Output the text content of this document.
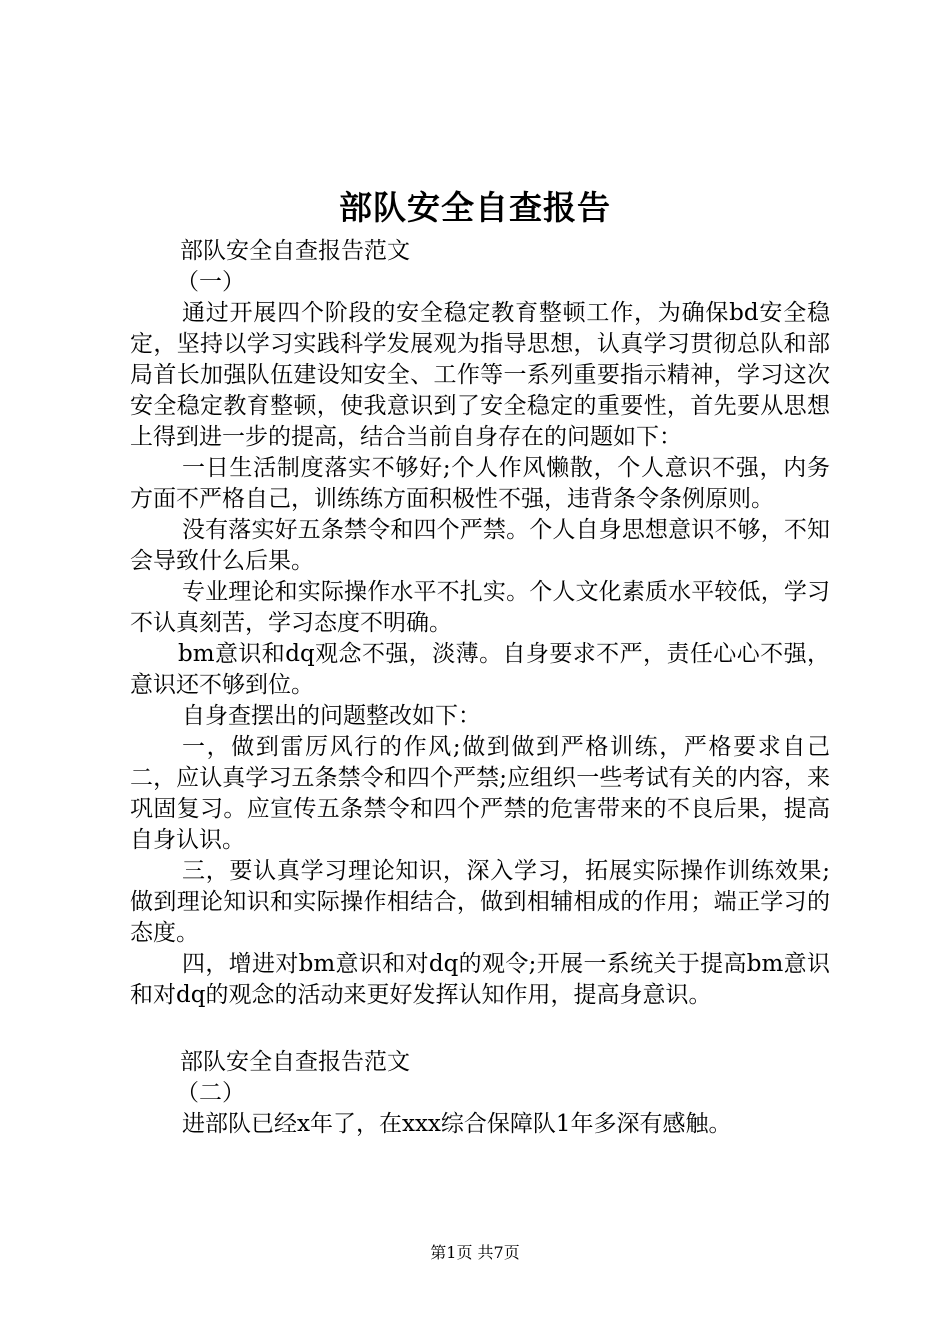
部队安全自查报告

部队安全自查报告范文

（一）

通过开展四个阶段的安全稳定教育整顿工作，为确保bd安全稳定，坚持以学习实践科学发展观为指导思想，认真学习贯彻总队和部局首长加强队伍建设知安全、工作等一系列重要指示精神，学习这次安全稳定教育整顿，使我意识到了安全稳定的重要性，首先要从思想上得到进一步的提高，结合当前自身存在的问题如下：

一日生活制度落实不够好;个人作风懒散，个人意识不强，内务方面不严格自己，训练练方面积极性不强，违背条令条例原则。

没有落实好五条禁令和四个严禁。个人自身思想意识不够，不知会导致什么后果。

专业理论和实际操作水平不扎实。个人文化素质水平较低，学习不认真刻苦，学习态度不明确。

bm意识和dq观念不强，淡薄。自身要求不严，责任心心不强，意识还不够到位。

自身查摆出的问题整改如下：

一，做到雷厉风行的作风;做到做到严格训练，严格要求自己二，应认真学习五条禁令和四个严禁;应组织一些考试有关的内容，来巩固复习。应宣传五条禁令和四个严禁的危害带来的不良后果，提高自身认识。

三，要认真学习理论知识，深入学习，拓展实际操作训练效果;做到理论知识和实际操作相结合，做到相辅相成的作用；端正学习的态度。

四，增进对bm意识和对dq的观令;开展一系统关于提高bm意识和对dq的观念的活动来更好发挥认知作用，提高身意识。

部队安全自查报告范文

（二）

进部队已经x年了，在xxx综合保障队1年多深有感触。

第1页 共7页
